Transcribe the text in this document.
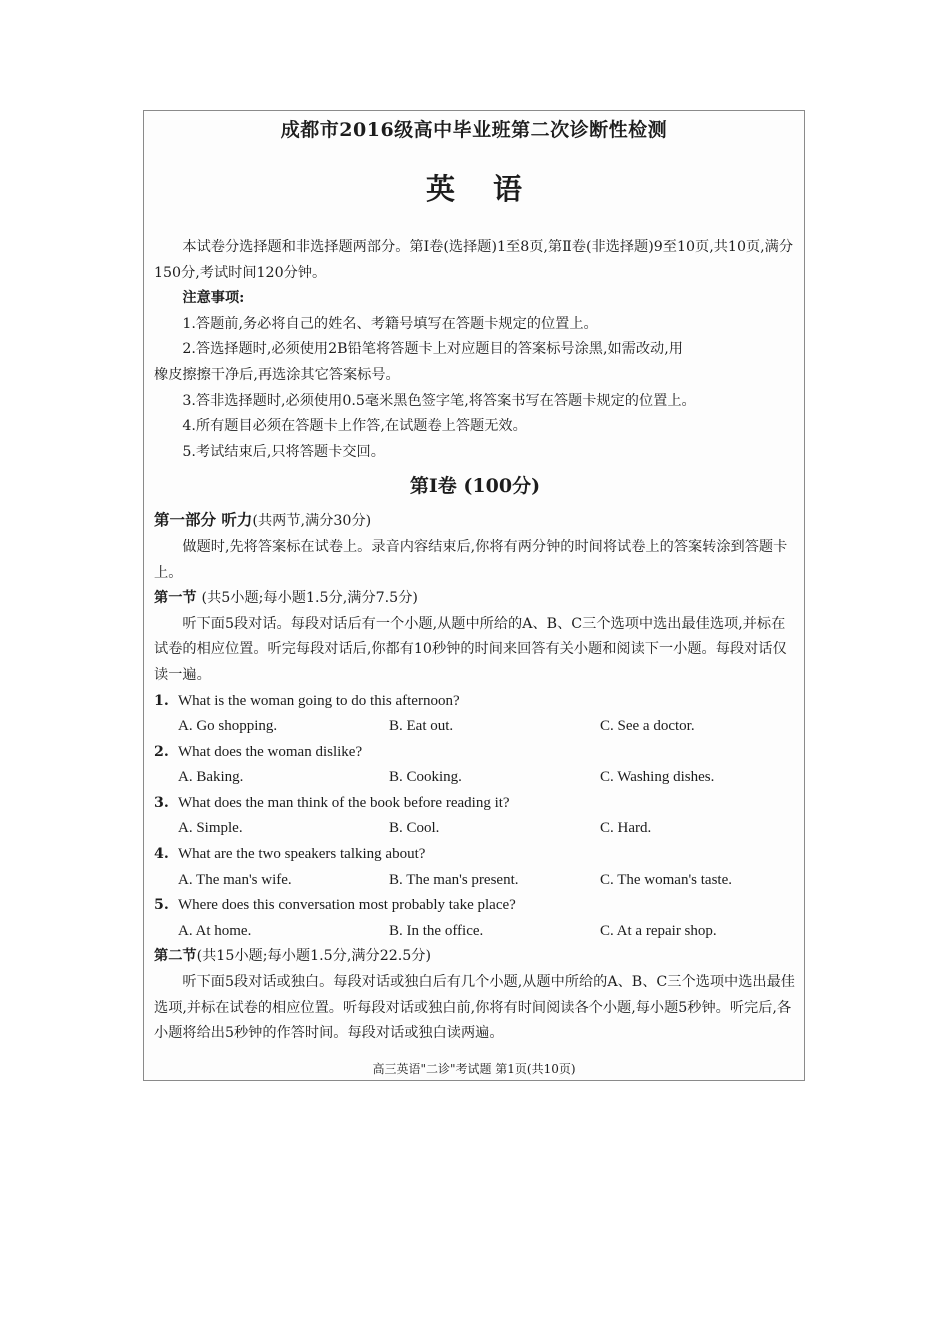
成都市2016级高中毕业班第二次诊断性检测
英语

本试卷分选择题和非选择题两部分。第Ⅰ卷(选择题)1至8页,第Ⅱ卷(非选择题)9至10页,共10页,满分150分,考试时间120分钟。

注意事项:

1.答题前,务必将自己的姓名、考籍号填写在答题卡规定的位置上。

2.答选择题时,必须使用2B铅笔将答题卡上对应题目的答案标号涂黑,如需改动,用

橡皮擦擦干净后,再选涂其它答案标号。

3.答非选择题时,必须使用0.5毫米黑色签字笔,将答案书写在答题卡规定的位置上。

4.所有题目必须在答题卡上作答,在试题卷上答题无效。

5.考试结束后,只将答题卡交回。

第Ⅰ卷 (100分)

第一部分 听力(共两节,满分30分)

做题时,先将答案标在试卷上。录音内容结束后,你将有两分钟的时间将试卷上的答案转涂到答题卡上。

第一节 (共5小题;每小题1.5分,满分7.5分)

听下面5段对话。每段对话后有一个小题,从题中所给的A、B、C三个选项中选出最佳选项,并标在试卷的相应位置。听完每段对话后,你都有10秒钟的时间来回答有关小题和阅读下一小题。每段对话仅读一遍。

1. What is the woman going to do this afternoon?
A. Go shopping.	B. Eat out.	C. See a doctor.
2. What does the woman dislike?
A. Baking.	B. Cooking.	C. Washing dishes.
3. What does the man think of the book before reading it?
A. Simple.	B. Cool.	C. Hard.
4. What are the two speakers talking about?
A. The man's wife.	B. The man's present.	C. The woman's taste.
5. Where does this conversation most probably take place?
A. At home.	B. In the office.	C. At a repair shop.

第二节(共15小题;每小题1.5分,满分22.5分)

听下面5段对话或独白。每段对话或独白后有几个小题,从题中所给的A、B、C三个选项中选出最佳选项,并标在试卷的相应位置。听每段对话或独白前,你将有时间阅读各个小题,每小题5秒钟。听完后,各小题将给出5秒钟的作答时间。每段对话或独白读两遍。

高三英语"二诊"考试题 第1页(共10页)
